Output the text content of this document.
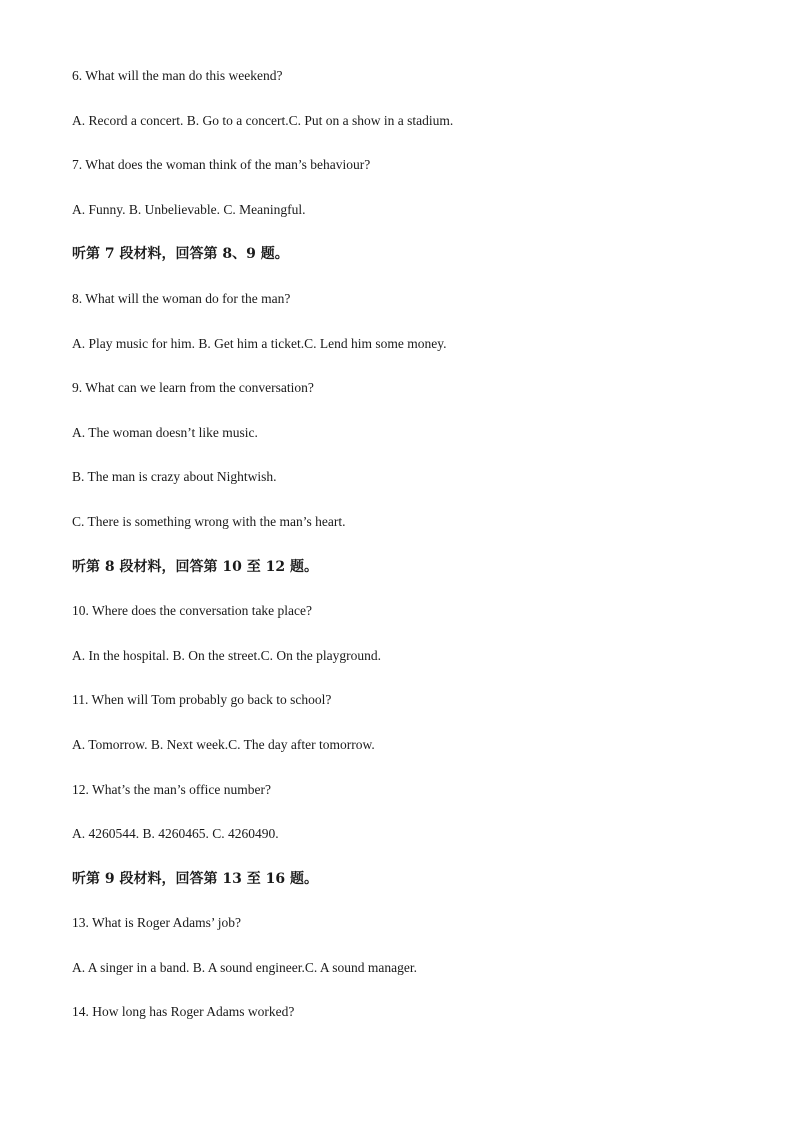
6. What will the man do this weekend?
A. Record a concert. B. Go to a concert.C. Put on a show in a stadium.
7. What does the woman think of the man’s behaviour?
A. Funny. B. Unbelievable. C. Meaningful.
听第 7 段材料，回答第 8、9 题。
8. What will the woman do for the man?
A. Play music for him. B. Get him a ticket.C. Lend him some money.
9. What can we learn from the conversation?
A. The woman doesn’t like music.
B. The man is crazy about Nightwish.
C. There is something wrong with the man’s heart.
听第 8 段材料，回答第 10 至 12 题。
10. Where does the conversation take place?
A. In the hospital. B. On the street.C. On the playground.
11. When will Tom probably go back to school?
A. Tomorrow. B. Next week.C. The day after tomorrow.
12. What’s the man’s office number?
A. 4260544. B. 4260465. C. 4260490.
听第 9 段材料，回答第 13 至 16 题。
13. What is Roger Adams’ job?
A. A singer in a band. B. A sound engineer.C. A sound manager.
14. How long has Roger Adams worked?
